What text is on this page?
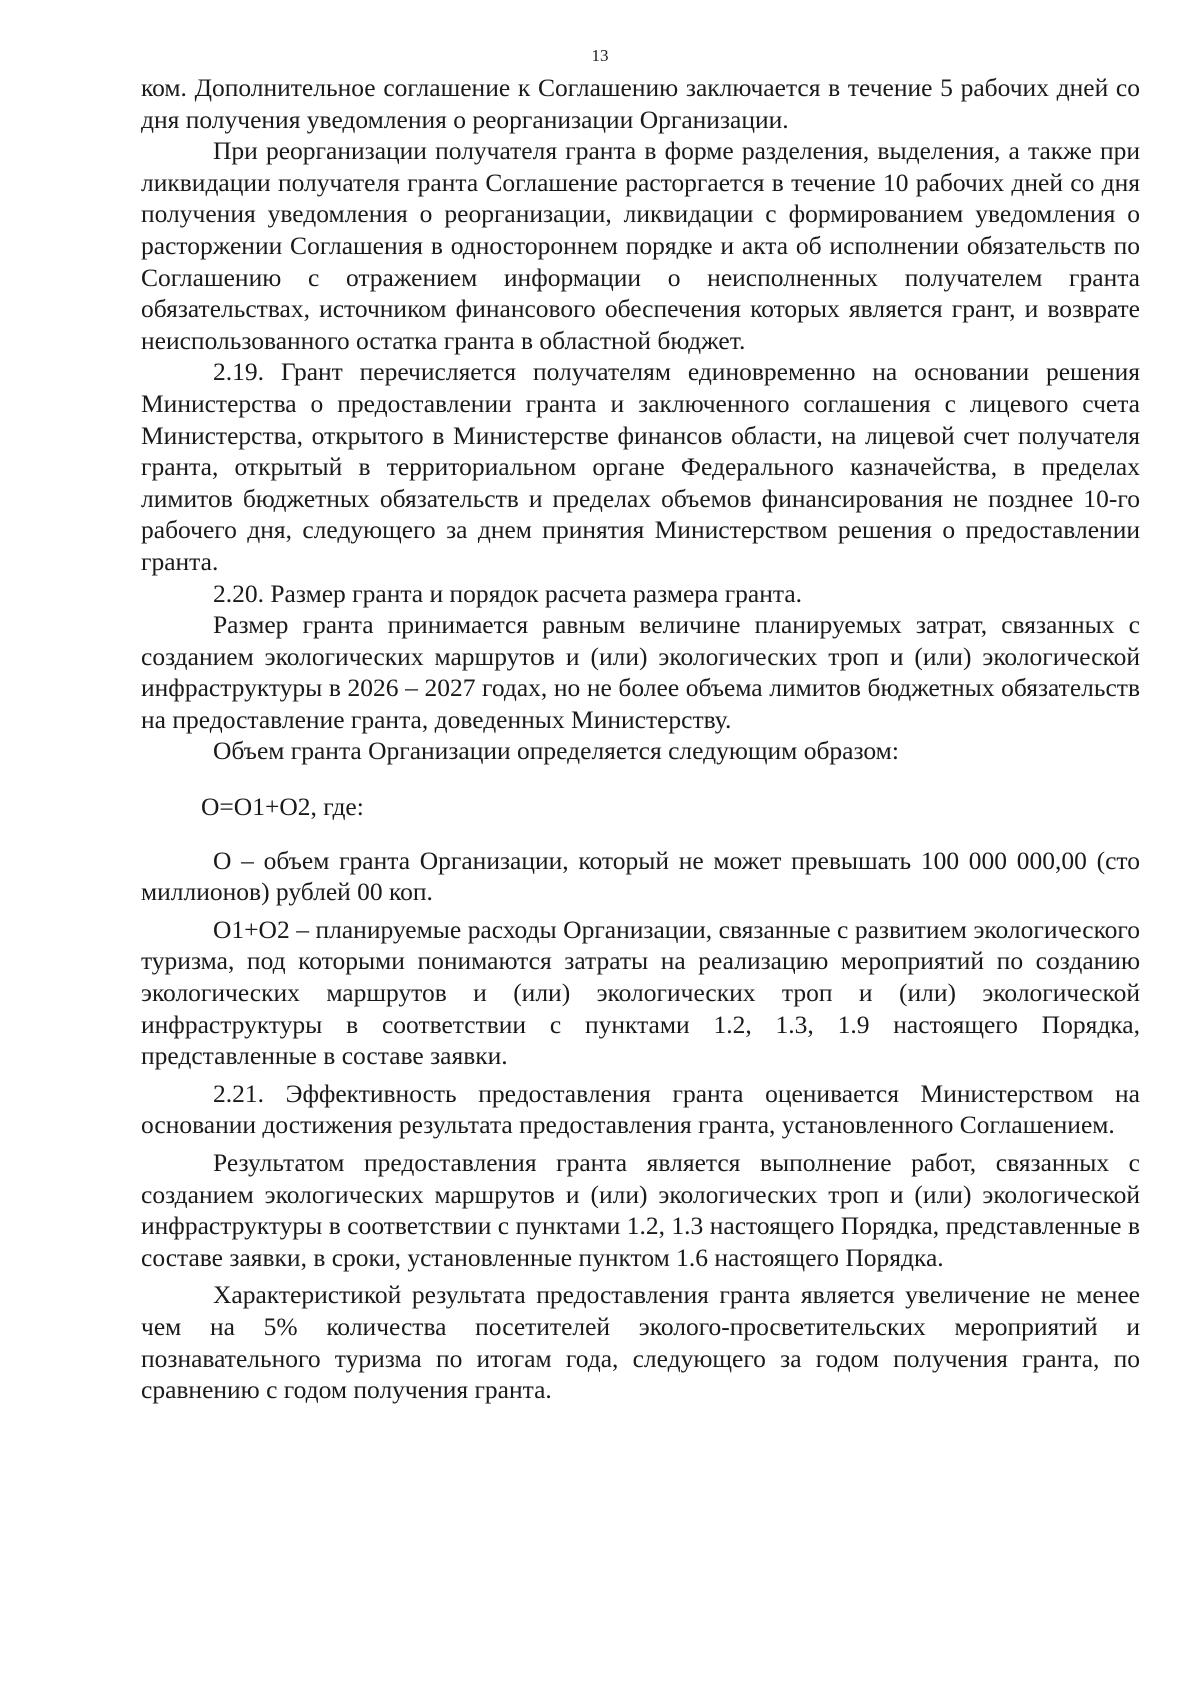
13

ком. Дополнительное соглашение к Соглашению заключается в течение 5 рабочих дней со дня получения уведомления о реорганизации Организации.

При реорганизации получателя гранта в форме разделения, выделения, а также при ликвидации получателя гранта Соглашение расторгается в течение 10 рабочих дней со дня получения уведомления о реорганизации, ликвидации с формированием уведомления о расторжении Соглашения в одностороннем порядке и акта об исполнении обязательств по Соглашению с отражением информации о неисполненных получателем гранта обязательствах, источником финансового обеспечения которых является грант, и возврате неиспользованного остатка гранта в областной бюджет.

2.19. Грант перечисляется получателям единовременно на основании решения Министерства о предоставлении гранта и заключенного соглашения с лицевого счета Министерства, открытого в Министерстве финансов области, на лицевой счет получателя гранта, открытый в территориальном органе Федерального казначейства, в пределах лимитов бюджетных обязательств и пределах объемов финансирования не позднее 10-го рабочего дня, следующего за днем принятия Министерством решения о предоставлении гранта.

2.20. Размер гранта и порядок расчета размера гранта.

Размер гранта принимается равным величине планируемых затрат, связанных с созданием экологических маршрутов и (или) экологических троп и (или) экологической инфраструктуры в 2026 – 2027 годах, но не более объема лимитов бюджетных обязательств на предоставление гранта, доведенных Министерству.

Объем гранта Организации определяется следующим образом:

О=О1+О2, где:

О – объем гранта Организации, который не может превышать 100 000 000,00 (сто миллионов) рублей 00 коп.

О1+О2 – планируемые расходы Организации, связанные с развитием экологического туризма, под которыми понимаются затраты на реализацию мероприятий по созданию экологических маршрутов и (или) экологических троп и (или) экологической инфраструктуры в соответствии с пунктами 1.2, 1.3, 1.9 настоящего Порядка, представленные в составе заявки.

2.21. Эффективность предоставления гранта оценивается Министерством на основании достижения результата предоставления гранта, установленного Соглашением.

Результатом предоставления гранта является выполнение работ, связанных с созданием экологических маршрутов и (или) экологических троп и (или) экологической инфраструктуры в соответствии с пунктами 1.2, 1.3 настоящего Порядка, представленные в составе заявки, в сроки, установленные пунктом 1.6 настоящего Порядка.

Характеристикой результата предоставления гранта является увеличение не менее чем на 5% количества посетителей эколого-просветительских мероприятий и познавательного туризма по итогам года, следующего за годом получения гранта, по сравнению с годом получения гранта.
